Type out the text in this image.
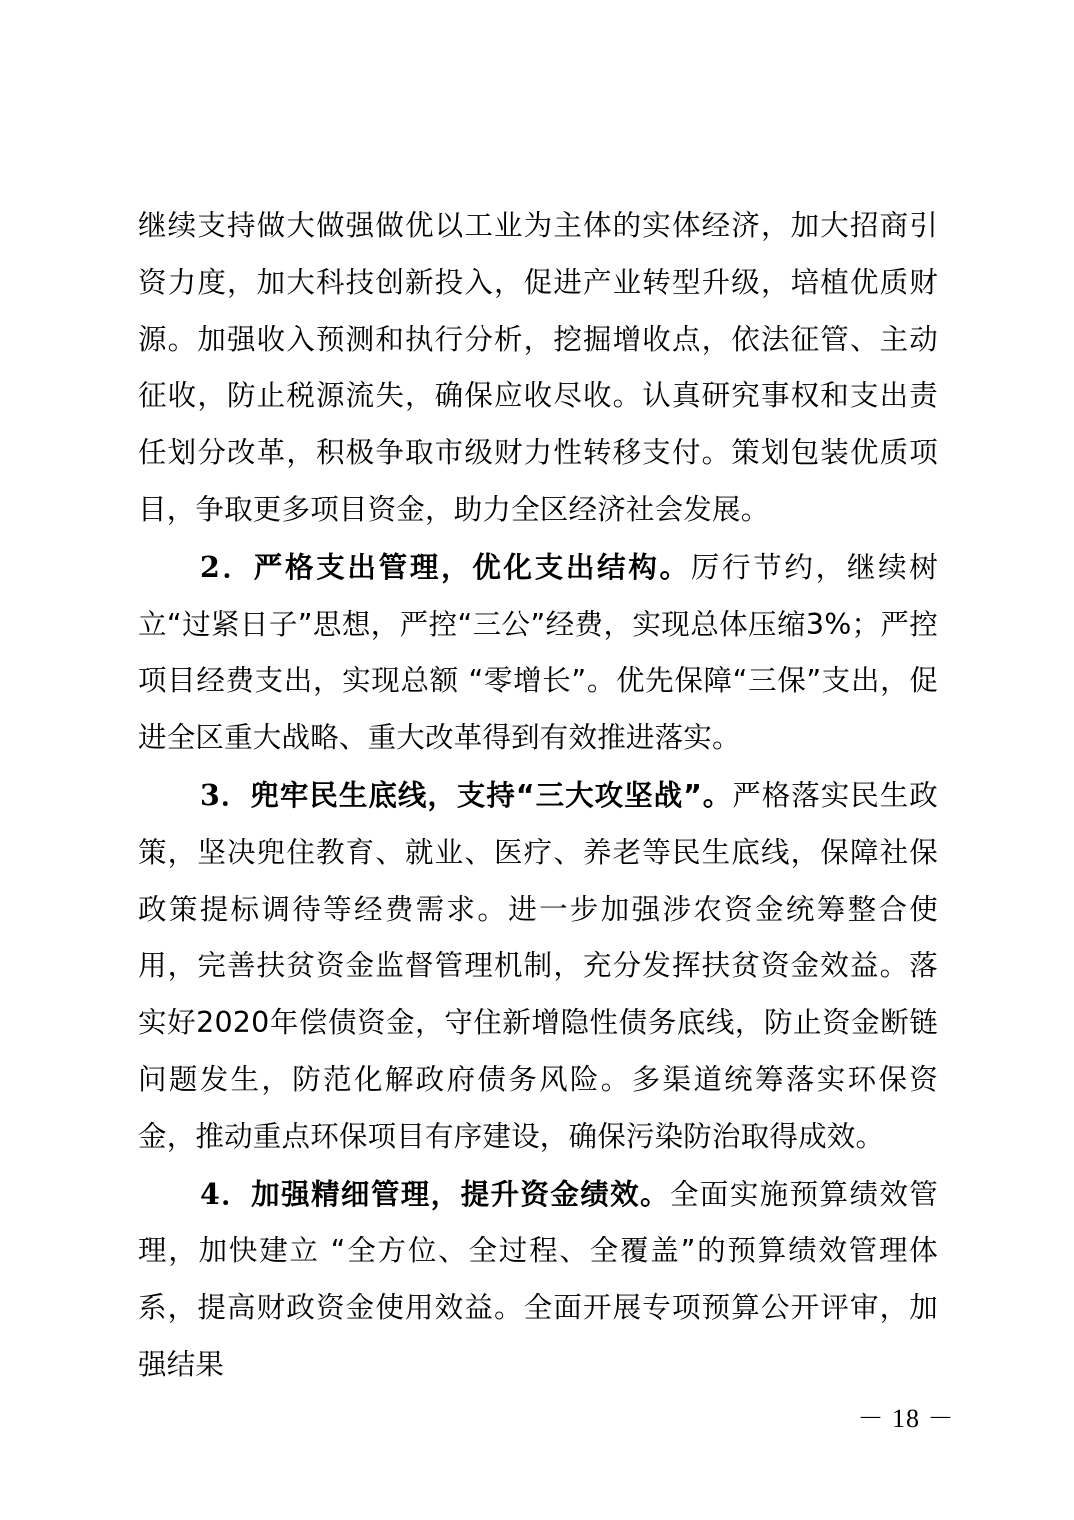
继续支持做大做强做优以工业为主体的实体经济，加大招商引资力度，加大科技创新投入，促进产业转型升级，培植优质财源。加强收入预测和执行分析，挖掘增收点，依法征管、主动征收，防止税源流失，确保应收尽收。认真研究事权和支出责任划分改革，积极争取市级财力性转移支付。策划包装优质项目，争取更多项目资金，助力全区经济社会发展。

2．严格支出管理，优化支出结构。厉行节约，继续树立“过紧日子”思想，严控“三公”经费，实现总体压缩3%；严控项目经费支出，实现总额 “零增长”。优先保障“三保”支出，促进全区重大战略、重大改革得到有效推进落实。

3．兜牢民生底线，支持“三大攻坚战”。严格落实民生政策，坚决兜住教育、就业、医疗、养老等民生底线，保障社保政策提标调待等经费需求。进一步加强涉农资金统筹整合使用，完善扶贫资金监督管理机制，充分发挥扶贫资金效益。落实好2020年偿债资金，守住新增隐性债务底线，防止资金断链问题发生，防范化解政府债务风险。多渠道统筹落实环保资金，推动重点环保项目有序建设，确保污染防治取得成效。

4．加强精细管理，提升资金绩效。全面实施预算绩效管理，加快建立 “全方位、全过程、全覆盖”的预算绩效管理体系，提高财政资金使用效益。全面开展专项预算公开评审，加强结果

－ 18 －
